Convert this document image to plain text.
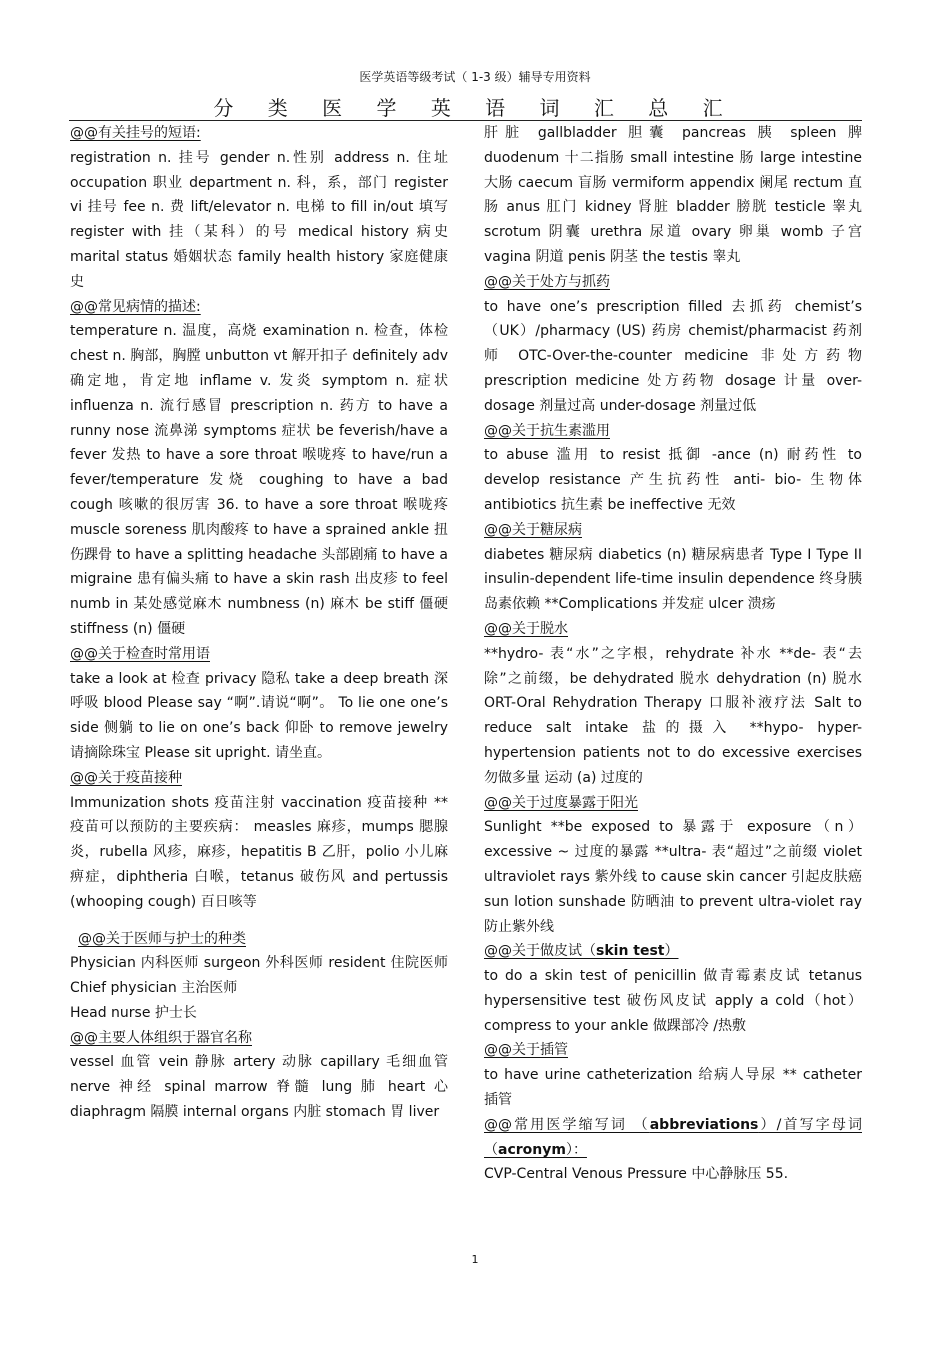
医学英语等级考试（ 1-3 级）辅导专用资料
分 类 医 学 英 语 词 汇 总 汇

@@有关挂号的短语:

registration n. 挂号 gender n.性别 address n. 住址 occupation 职业 department n. 科，系，部门 register vi 挂号 fee n. 费 lift/elevator n. 电梯 to fill in/out 填写 register with 挂（某科）的号 medical history 病史 marital status 婚姻状态 family health history 家庭健康史

@@常见病情的描述:

temperature n. 温度，高烧 examination n. 检查，体检 chest n. 胸部，胸膛 unbutton vt 解开扣子 definitely adv 确定地，肯定地 inflame v. 发炎 symptom n. 症状 influenza n. 流行感冒 prescription n. 药方 to have a runny nose 流鼻涕 symptoms 症状 be feverish/have a fever 发热 to have a sore throat 喉咙疼 to have/run a fever/temperature 发烧 coughing to have a bad cough 咳嗽的很厉害 36. to have a sore throat 喉咙疼 muscle soreness 肌肉酸疼 to have a sprained ankle 扭伤踝骨 to have a splitting headache 头部剧痛 to have a migraine 患有偏头痛 to have a skin rash 出皮疹 to feel numb in 某处感觉麻木 numbness (n) 麻木 be stiff 僵硬 stiffness (n) 僵硬

@@关于检查时常用语

take a look at 检查 privacy 隐私 take a deep breath 深呼吸 blood Please say “啊”.请说“啊”。 To lie one one’s side 侧躺 to lie on one’s back 仰卧 to remove jewelry 请摘除珠宝 Please sit upright. 请坐直。

@@关于疫苗接种

Immunization shots 疫苗注射 vaccination 疫苗接种 ** 疫苗可以预防的主要疾病： measles 麻疹，mumps 腮腺炎，rubella 风疹，麻疹，hepatitis B 乙肝，polio 小儿麻痹症，diphtheria 白喉，tetanus 破伤风 and pertussis (whooping cough) 百日咳等

@@关于医师与护士的种类

Physician 内科医师 surgeon 外科医师 resident 住院医师 Chief physician 主治医师

Head nurse 护士长

@@主要人体组织于器官名称

vessel 血管 vein 静脉 artery 动脉 capillary 毛细血管 nerve 神经 spinal marrow 脊髓 lung 肺 heart 心 diaphragm 隔膜 internal organs 内脏 stomach 胃 liver

肝脏 gallbladder 胆囊 pancreas 胰 spleen 脾 duodenum 十二指肠 small intestine 肠 large intestine 大肠 caecum 盲肠 vermiform appendix 阑尾 rectum 直肠 anus 肛门 kidney 肾脏 bladder 膀胱 testicle 睾丸 scrotum 阴囊 urethra 尿道 ovary 卵巢 womb 子宫 vagina 阴道 penis 阴茎 the testis 睾丸

@@关于处方与抓药

to have one’s prescription filled 去抓药 chemist’s（UK）/pharmacy (US) 药房 chemist/pharmacist 药剂师 OTC-Over-the-counter medicine 非处方药物 prescription medicine 处方药物 dosage 计量 over-dosage 剂量过高 under-dosage 剂量过低

@@关于抗生素滥用

to abuse 滥用 to resist 抵御 -ance (n) 耐药性 to develop resistance 产生抗药性 anti- bio- 生物体 antibiotics 抗生素 be ineffective 无效

@@关于糖尿病

diabetes 糖尿病 diabetics (n) 糖尿病患者 Type I Type II insulin-dependent life-time insulin dependence 终身胰岛素依赖 **Complications 并发症 ulcer 溃疡

@@关于脱水

**hydro- 表“水”之字根，rehydrate 补水 **de- 表“去除”之前缀，be dehydrated 脱水 dehydration (n) 脱水 ORT-Oral Rehydration Therapy 口服补液疗法 Salt to reduce salt intake 盐的摄入 **hypo- hyper- hypertension patients not to do excessive exercises 勿做多量 运动 (a) 过度的

@@关于过度暴露于阳光

Sunlight **be exposed to 暴露于 exposure（n） excessive ~ 过度的暴露 **ultra- 表“超过”之前缀 violet ultraviolet rays 紫外线 to cause skin cancer 引起皮肤癌 sun lotion sunshade 防晒油 to prevent ultra-violet ray 防止紫外线

@@关于做皮试（skin test）

to do a skin test of penicillin 做青霉素皮试 tetanus hypersensitive test 破伤风皮试 apply a cold（hot） compress to your ankle 做踝部冷 /热敷

@@关于插管

to have urine catheterization 给病人导尿 ** catheter 插管

@@常用医学缩写词 （abbreviations）/首写字母词（acronym）：

CVP-Central Venous Pressure 中心静脉压 55.

1
